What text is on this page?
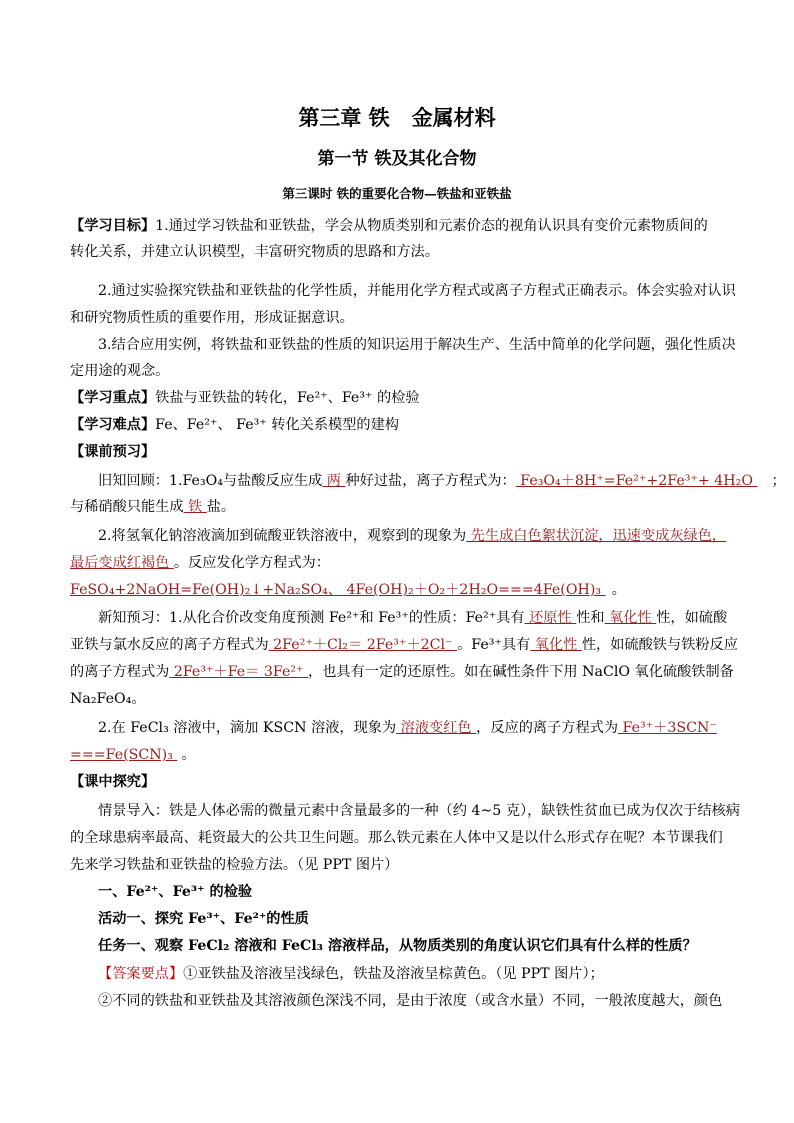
第三章 铁   金属材料
第一节 铁及其化合物
第三课时 铁的重要化合物—铁盐和亚铁盐
【学习目标】1.通过学习铁盐和亚铁盐，学会从物质类别和元素价态的视角认识具有变价元素物质间的
转化关系，并建立认识模型，丰富研究物质的思路和方法。
2.通过实验探究铁盐和亚铁盐的化学性质，并能用化学方程式或离子方程式正确表示。体会实验对认识
和研究物质性质的重要作用，形成证据意识。
3.结合应用实例，将铁盐和亚铁盐的性质的知识运用于解决生产、生活中简单的化学问题，强化性质决
定用途的观念。
【学习重点】铁盐与亚铁盐的转化，Fe²⁺、Fe³⁺ 的检验
【学习难点】Fe、Fe²⁺、 Fe³⁺ 转化关系模型的建构
【课前预习】
旧知回顾：1.Fe₃O₄与盐酸反应生成 两 种好过盐，离子方程式为： Fe₃O₄＋8H⁺=Fe²⁺+2Fe³⁺+ 4H₂O ；
与稀硝酸只能生成 铁 盐。
2.将氢氧化钠溶液滴加到硫酸亚铁溶液中，观察到的现象为 先生成白色絮状沉淀，迅速变成灰绿色，
最后变成红褐色 。反应发化学方程式为：
FeSO₄+2NaOH=Fe(OH)₂↓+Na₂SO₄、 4Fe(OH)₂＋O₂＋2H₂O===4Fe(OH)₃ 。
新知预习：1.从化合价改变角度预测 Fe²⁺和 Fe³⁺的性质：Fe²⁺具有 还原性 性和 氧化性 性，如硫酸
亚铁与氯水反应的离子方程式为 2Fe²⁺＋Cl₂＝ 2Fe³⁺＋2Cl⁻ 。Fe³⁺具有 氧化性 性，如硫酸铁与铁粉反应
的离子方程式为 2Fe³⁺＋Fe＝ 3Fe²⁺ ，也具有一定的还原性。如在碱性条件下用 NaClO 氧化硫酸铁制备
Na₂FeO₄。
2.在 FeCl₃ 溶液中，滴加 KSCN 溶液，现象为 溶液变红色 ，反应的离子方程式为 Fe³⁺＋3SCN⁻
===Fe(SCN)₃ 。
【课中探究】
情景导入：铁是人体必需的微量元素中含量最多的一种（约 4~5 克），缺铁性贫血已成为仅次于结核病
的全球患病率最高、耗资最大的公共卫生问题。那么铁元素在人体中又是以什么形式存在呢？本节课我们
先来学习铁盐和亚铁盐的检验方法。（见 PPT 图片）
一、Fe²⁺、Fe³⁺ 的检验
活动一、探究 Fe³⁺、Fe²⁺的性质
任务一、观察 FeCl₂ 溶液和 FeCl₃ 溶液样品，从物质类别的角度认识它们具有什么样的性质？
【答案要点】①亚铁盐及溶液呈浅绿色，铁盐及溶液呈棕黄色。（见 PPT 图片）；
②不同的铁盐和亚铁盐及其溶液颜色深浅不同，是由于浓度（或含水量）不同，一般浓度越大，颜色
